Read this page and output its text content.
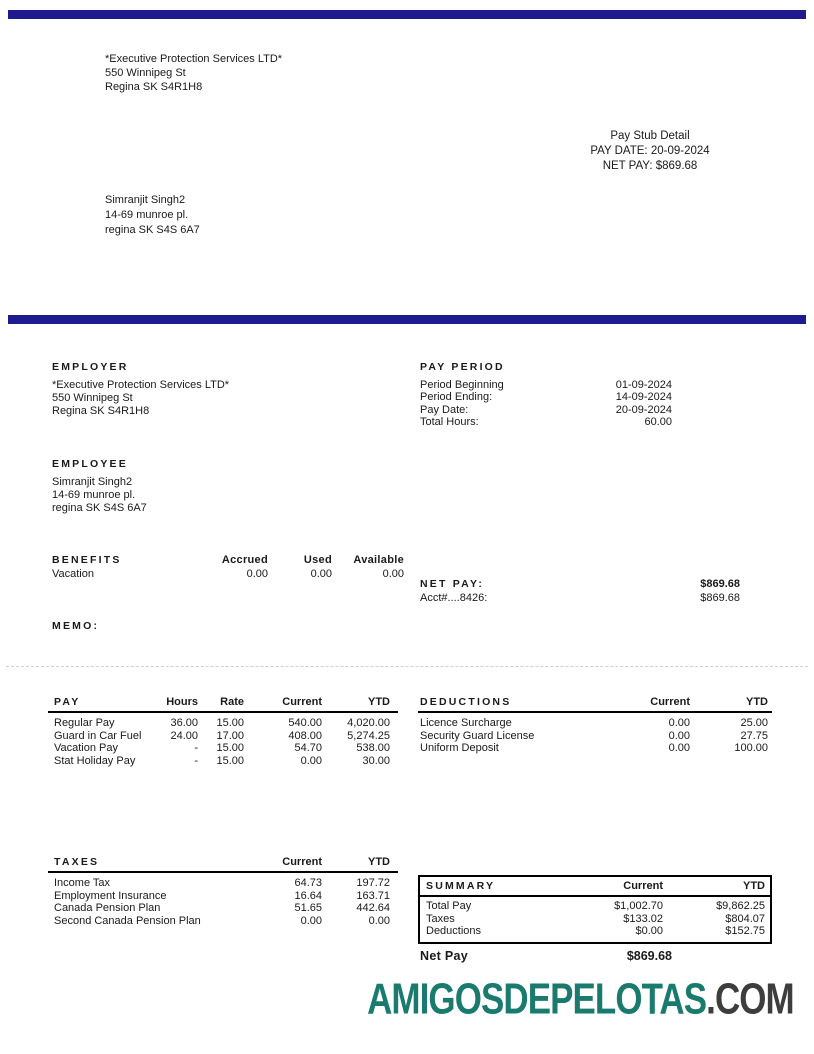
*Executive Protection Services LTD*
550 Winnipeg St
Regina SK S4R1H8
Pay Stub Detail
PAY DATE: 20-09-2024
NET PAY: $869.68
Simranjit Singh2
14-69 munroe pl.
regina SK S4S 6A7
EMPLOYER
*Executive Protection Services LTD*
550 Winnipeg St
Regina SK S4R1H8
PAY PERIOD
Period Beginning	01-09-2024
Period Ending:	14-09-2024
Pay Date:	20-09-2024
Total Hours:	60.00
EMPLOYEE
Simranjit Singh2
14-69 munroe pl.
regina SK S4S 6A7
BENEFITS	Accrued	Used	Available
Vacation	0.00	0.00	0.00
NET PAY:	$869.68
Acct#....8426:	$869.68
MEMO:
PAY	Hours	Rate	Current	YTD
Regular Pay	36.00	15.00	540.00	4,020.00
Guard in Car Fuel	24.00	17.00	408.00	5,274.25
Vacation Pay	-	15.00	54.70	538.00
Stat Holiday Pay	-	15.00	0.00	30.00
DEDUCTIONS	Current	YTD
Licence Surcharge	0.00	25.00
Security Guard License	0.00	27.75
Uniform Deposit	0.00	100.00
TAXES	Current	YTD
Income Tax	64.73	197.72
Employment Insurance	16.64	163.71
Canada Pension Plan	51.65	442.64
Second Canada Pension Plan	0.00	0.00
SUMMARY	Current	YTD
Total Pay	$1,002.70	$9,862.25
Taxes	$133.02	$804.07
Deductions	$0.00	$152.75
Net Pay	$869.68
AMIGOSDEPELOTAS.COM
